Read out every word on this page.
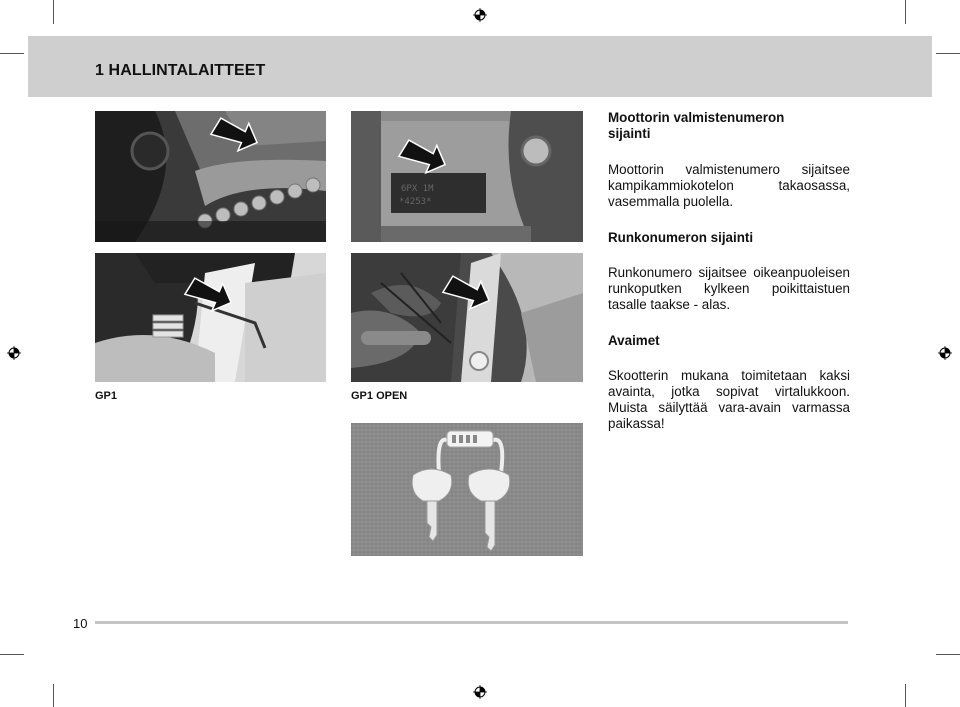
1 HALLINTALAITTEET
6PX 1M
*4253*
GP1	GP1 OPEN
Moottorin valmistenumeron sijainti

Moottorin valmistenumero sijaitsee kampikammiokotelon takaosassa, vasemmalla puolella.

Runkonumeron sijainti

Runkonumero sijaitsee oikeanpuoleisen runkoputken kylkeen poikittaistuen tasalle taakse - alas.

Avaimet

Skootterin mukana toimitetaan kaksi avainta, jotka sopivat virtalukkoon. Muista säilyttää vara-avain varmassa paikassa!

10
